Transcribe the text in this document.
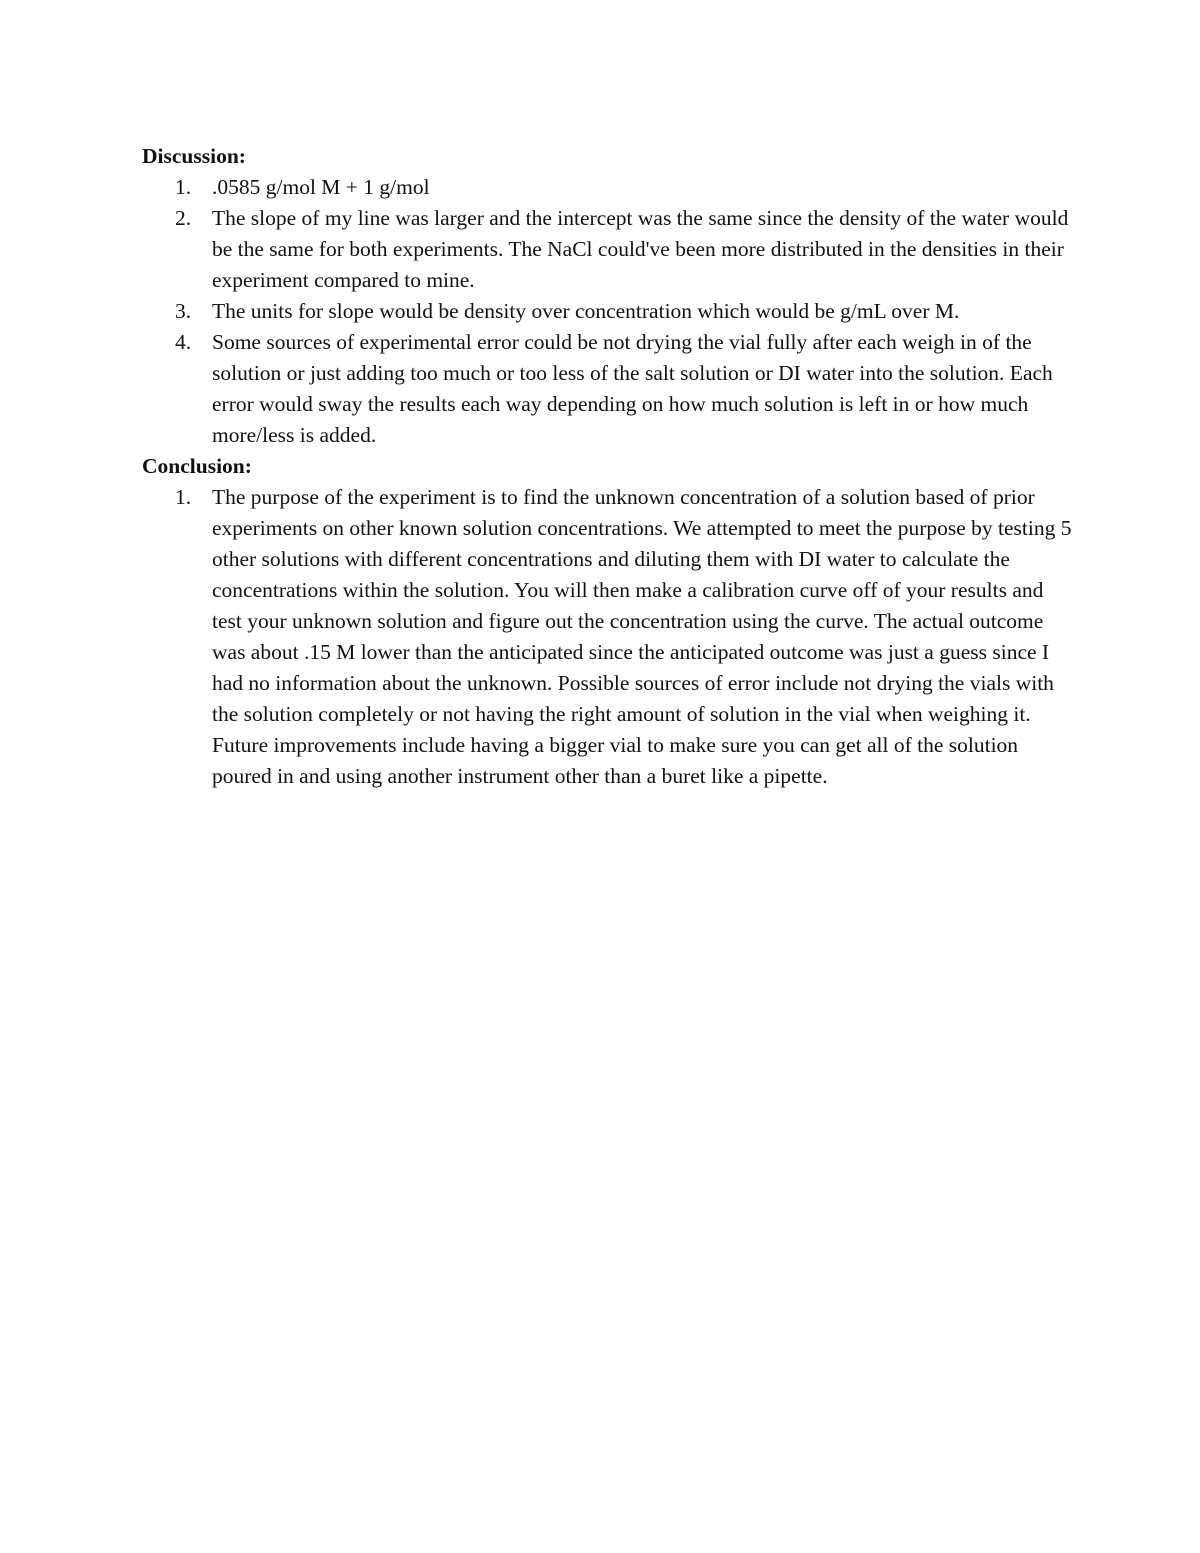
Discussion:

1. .0585 g/mol M + 1 g/mol
2. The slope of my line was larger and the intercept was the same since the density of the water would be the same for both experiments. The NaCl could've been more distributed in the densities in their experiment compared to mine.
3. The units for slope would be density over concentration which would be g/mL over M.
4. Some sources of experimental error could be not drying the vial fully after each weigh in of the solution or just adding too much or too less of the salt solution or DI water into the solution. Each error would sway the results each way depending on how much solution is left in or how much more/less is added.

Conclusion:

1. The purpose of the experiment is to find the unknown concentration of a solution based of prior experiments on other known solution concentrations. We attempted to meet the purpose by testing 5 other solutions with different concentrations and diluting them with DI water to calculate the concentrations within the solution. You will then make a calibration curve off of your results and test your unknown solution and figure out the concentration using the curve. The actual outcome was about .15 M lower than the anticipated since the anticipated outcome was just a guess since I had no information about the unknown. Possible sources of error include not drying the vials with the solution completely or not having the right amount of solution in the vial when weighing it. Future improvements include having a bigger vial to make sure you can get all of the solution poured in and using another instrument other than a buret like a pipette.
